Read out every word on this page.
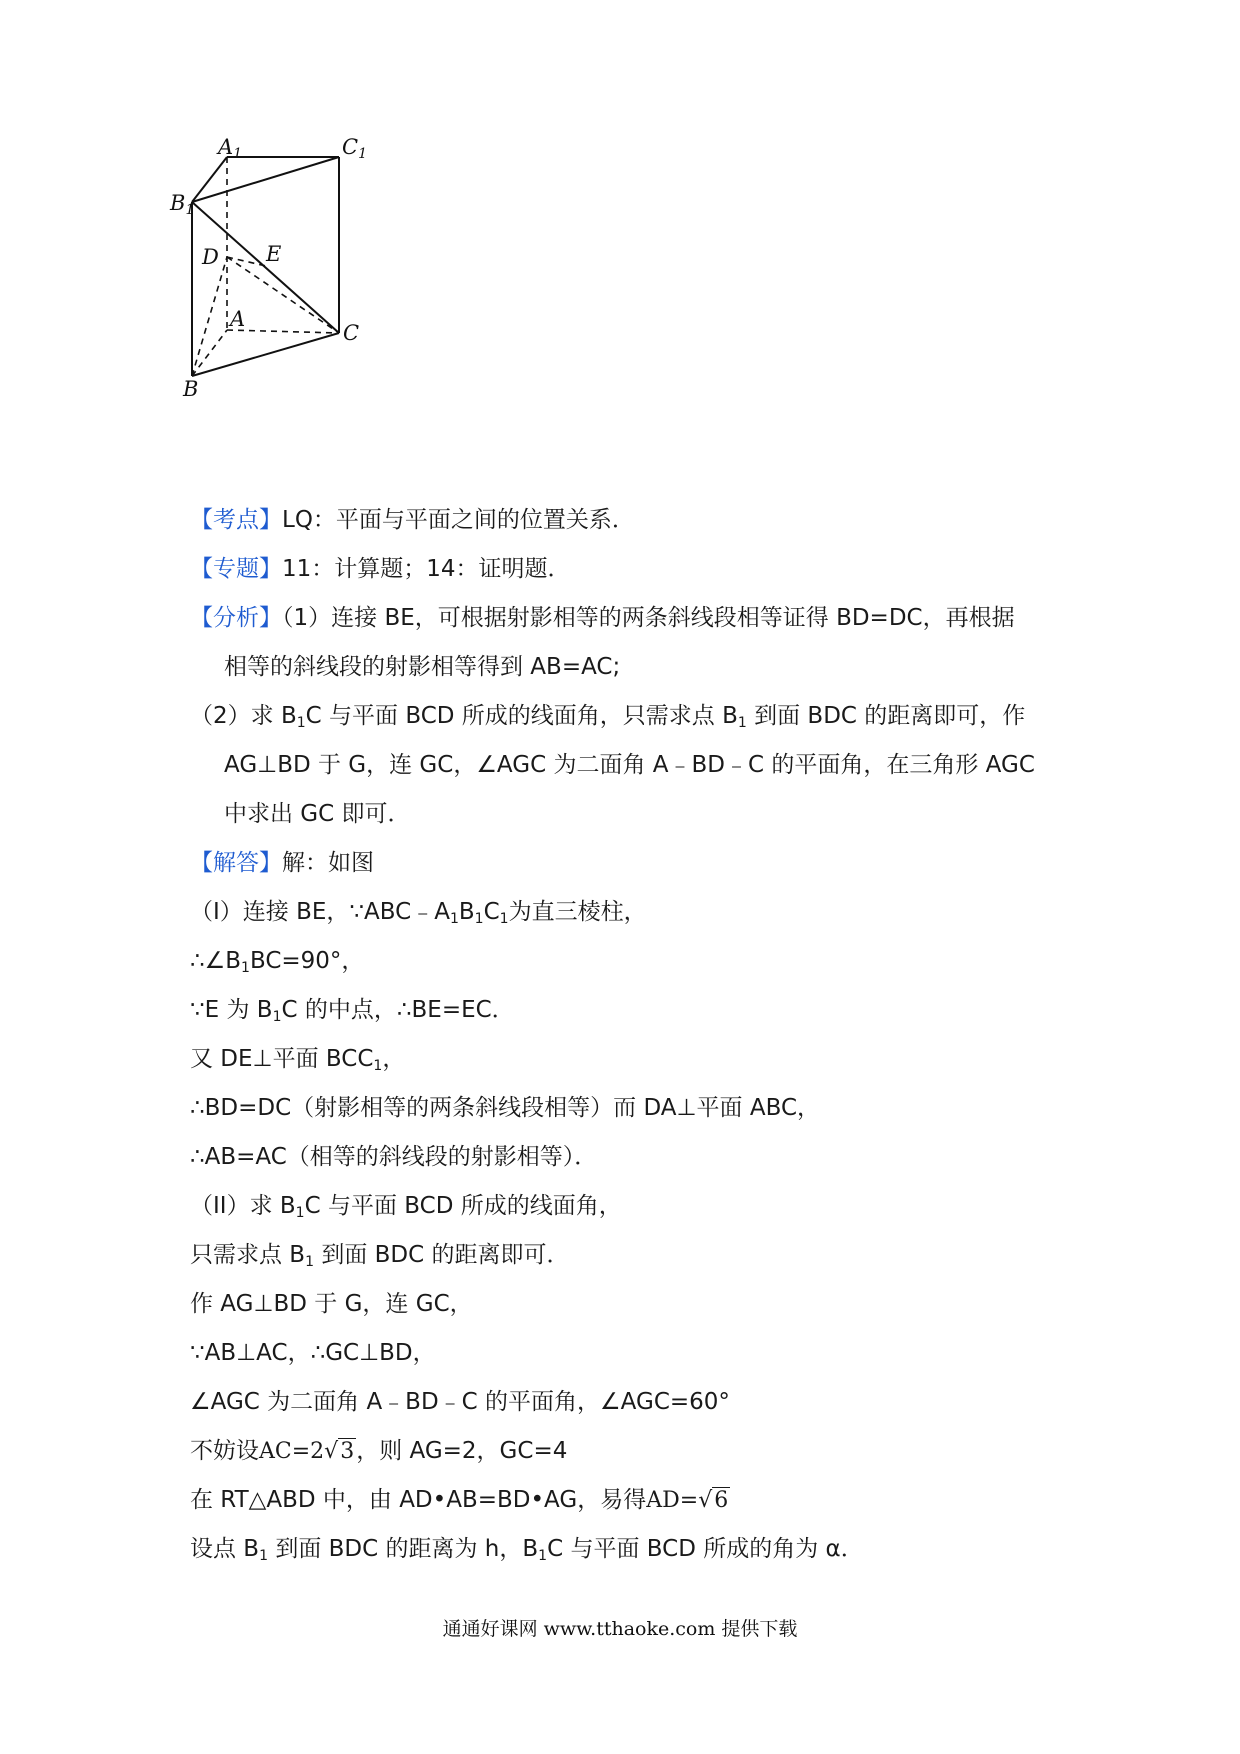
A1	C1
B1
D E
A
C
B
【考点】LQ：平面与平面之间的位置关系．
【专题】11：计算题；14：证明题．
【分析】（1）连接 BE，可根据射影相等的两条斜线段相等证得 BD=DC，再根据
相等的斜线段的射影相等得到 AB=AC;
（2）求 $B_1C$ 与平面 BCD 所成的线面角，只需求点 $B_1$ 到面 BDC 的距离即可，作
AG⊥BD 于 G，连 GC，∠AGC 为二面角 A﹣BD﹣C 的平面角，在三角形 AGC
中求出 GC 即可．
【解答】解：如图
（I）连接 BE，$\because ABC﹣A_1B_1C_1$为直三棱柱，
$\therefore\angle B_1BC=90^\circ$，
∵E 为 $B_1C$ 的中点，∴BE=EC．
又 DE⊥平面 $BCC_1$，
∴BD=DC（射影相等的两条斜线段相等）而 DA⊥平面 ABC，
∴AB=AC（相等的斜线段的射影相等）．
（II）求 $B_1C$ 与平面 BCD 所成的线面角，
只需求点 $B_1$ 到面 BDC 的距离即可．
作 AG⊥BD 于 G，连 GC，
∵AB⊥AC，∴GC⊥BD，
∠AGC 为二面角 A﹣BD﹣C 的平面角，∠AGC=60°
不妨设AC=2√3，则 AG=2，GC=4
在 RT△ABD 中，由 AD•AB=BD•AG，易得AD=√6
设点 $B_1$ 到面 BDC 的距离为 h，$B_1C$ 与平面 BCD 所成的角为 α．
通通好课网 www.tthaoke.com 提供下载
